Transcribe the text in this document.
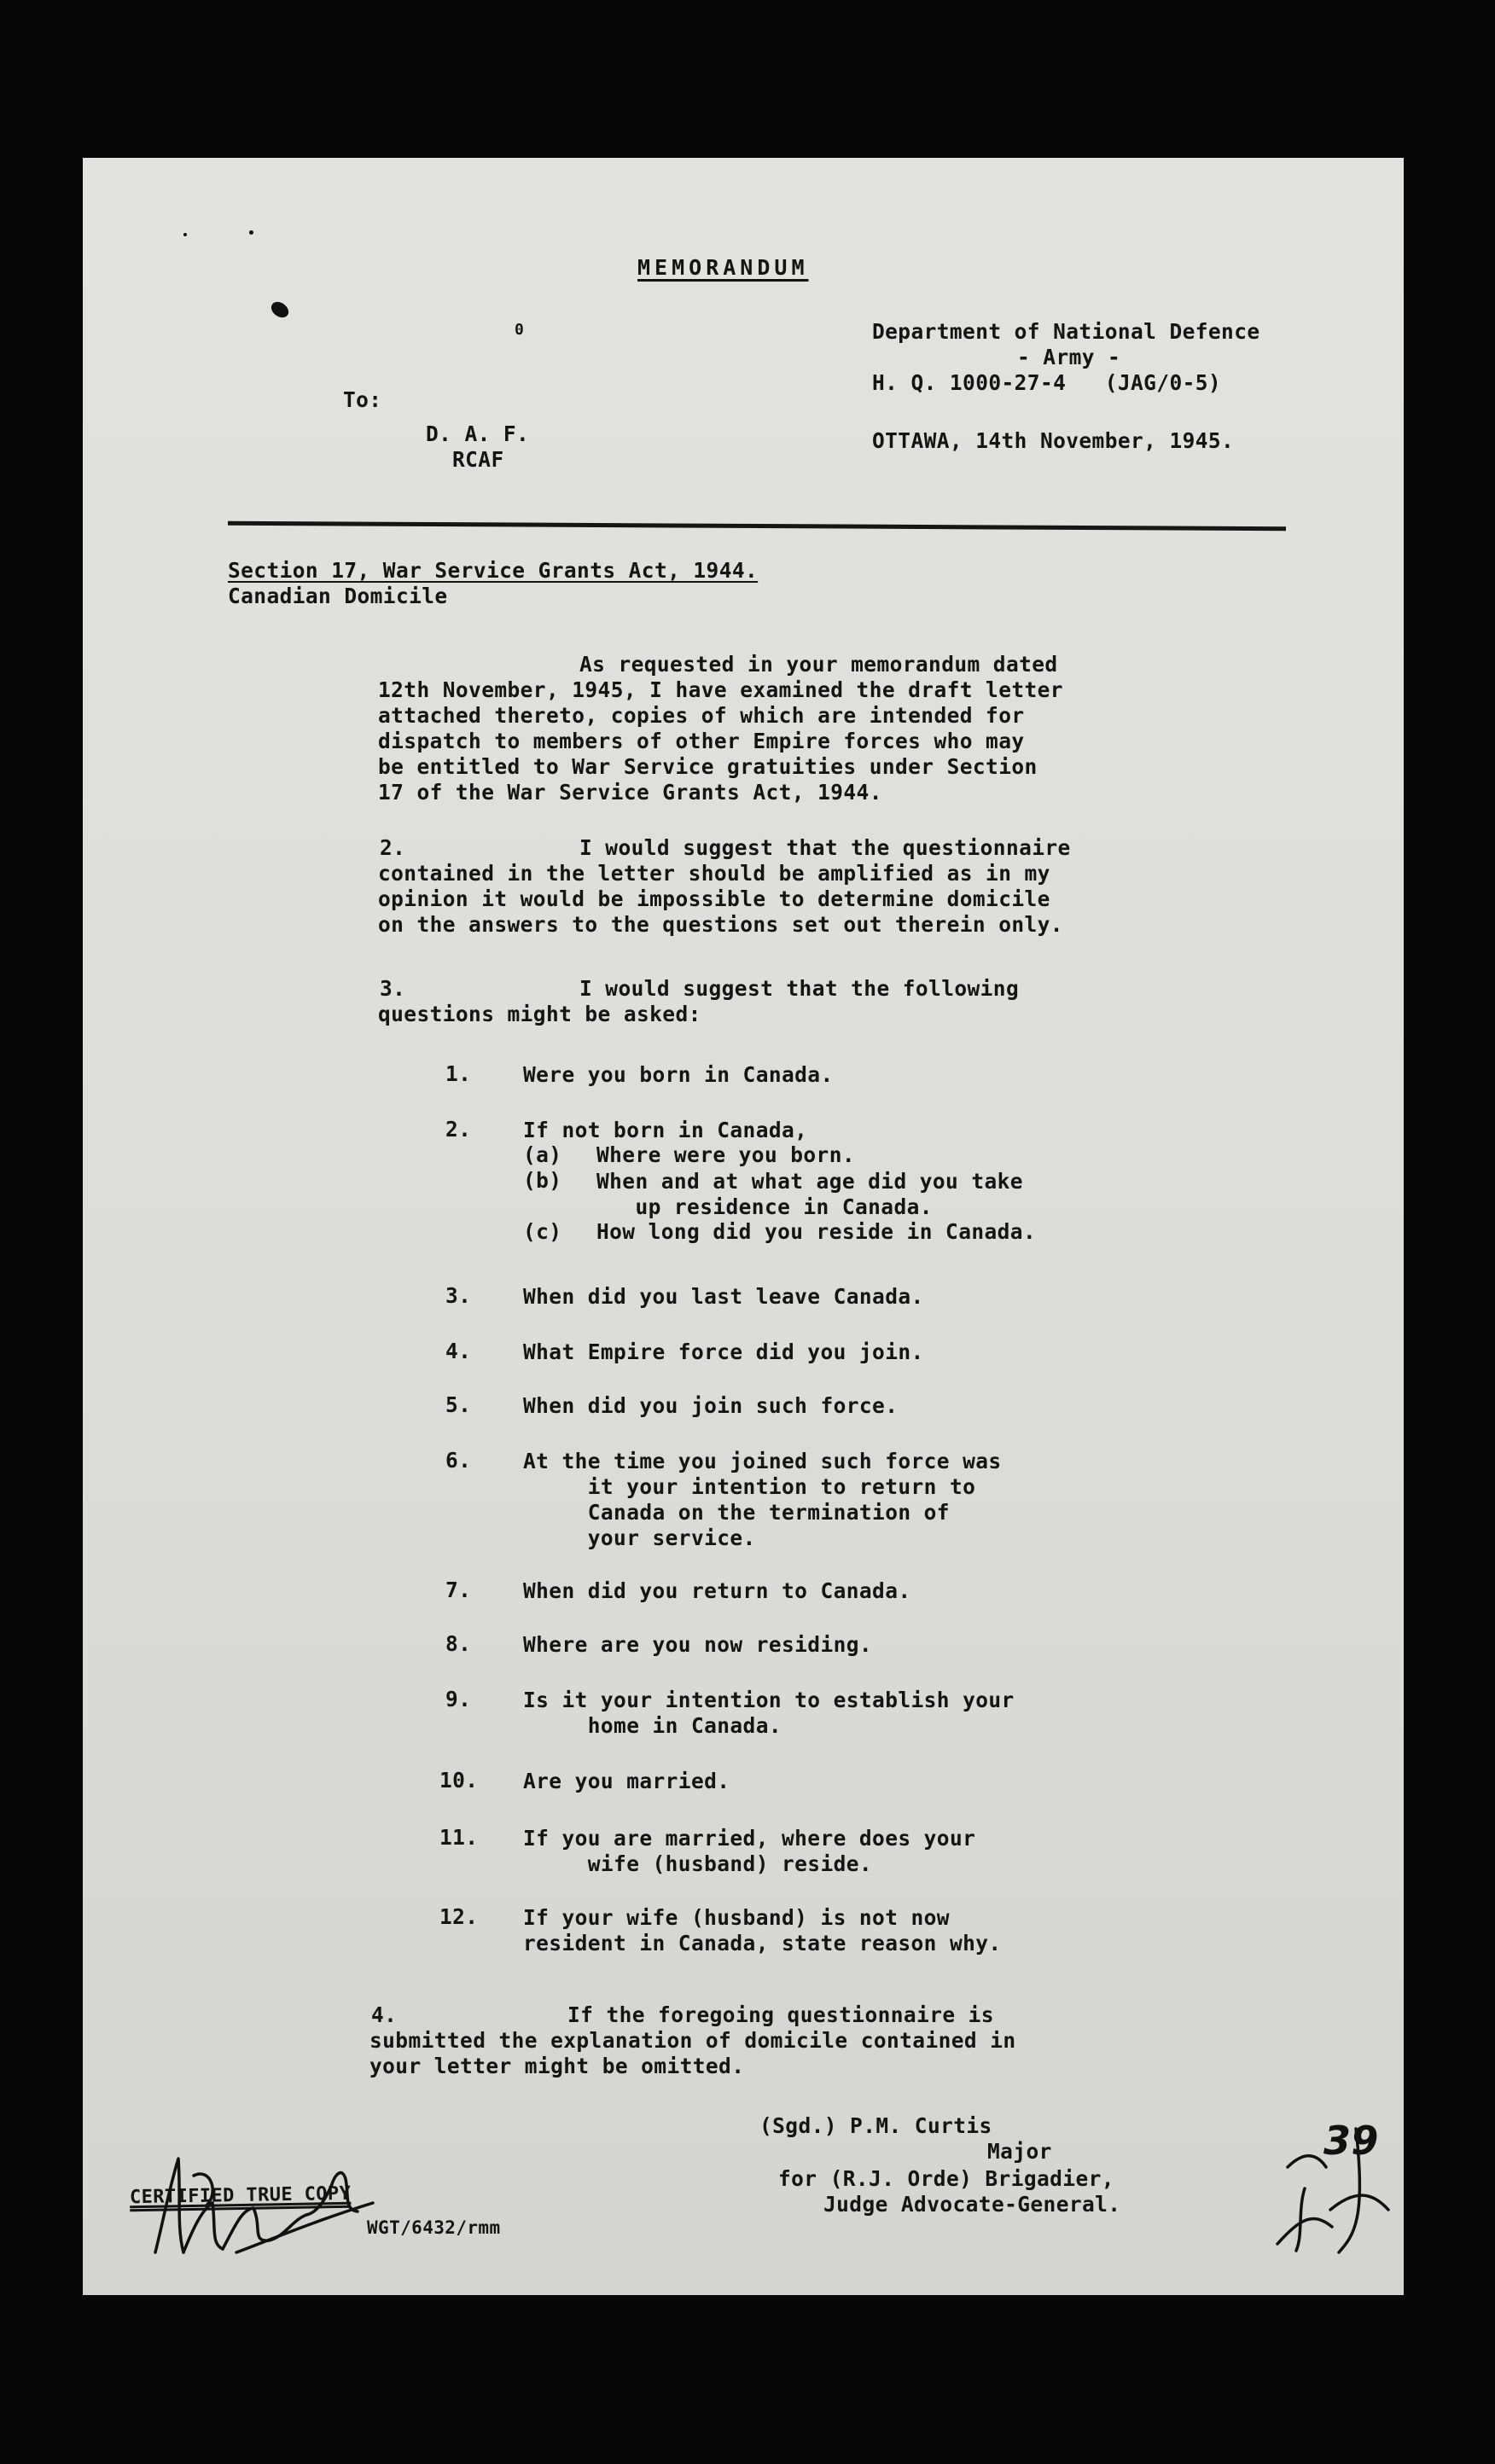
0
MEMORANDUM
Department of National Defence
- Army -
H. Q. 1000-27-4   (JAG/0-5)
OTTAWA, 14th November, 1945.
To:
D. A. F.
RCAF
Section 17, War Service Grants Act, 1944.
Canadian Domicile
As requested in your memorandum dated
12th November, 1945, I have examined the draft letter
attached thereto, copies of which are intended for
dispatch to members of other Empire forces who may
be entitled to War Service gratuities under Section
17 of the War Service Grants Act, 1944.
2.	I would suggest that the questionnaire
contained in the letter should be amplified as in my
opinion it would be impossible to determine domicile
on the answers to the questions set out therein only.
3.	I would suggest that the following
questions might be asked:
1. Were you born in Canada.
2. If not born in Canada,
(a) Where were you born.
(b) When and at what age did you take
up residence in Canada.
(c) How long did you reside in Canada.
3. When did you last leave Canada.
4. What Empire force did you join.
5. When did you join such force.
6. At the time you joined such force was
it your intention to return to
Canada on the termination of
your service.
7. When did you return to Canada.
8. Where are you now residing.
9. Is it your intention to establish your
home in Canada.
10. Are you married.
11. If you are married, where does your
wife (husband) reside.
12. If your wife (husband) is not now
resident in Canada, state reason why.
4.	If the foregoing questionnaire is
submitted the explanation of domicile contained in
your letter might be omitted.
(Sgd.) P.M. Curtis
Major
for (R.J. Orde) Brigadier,
Judge Advocate-General.
CERTIFIED TRUE COPY
WGT/6432/rmm
39
